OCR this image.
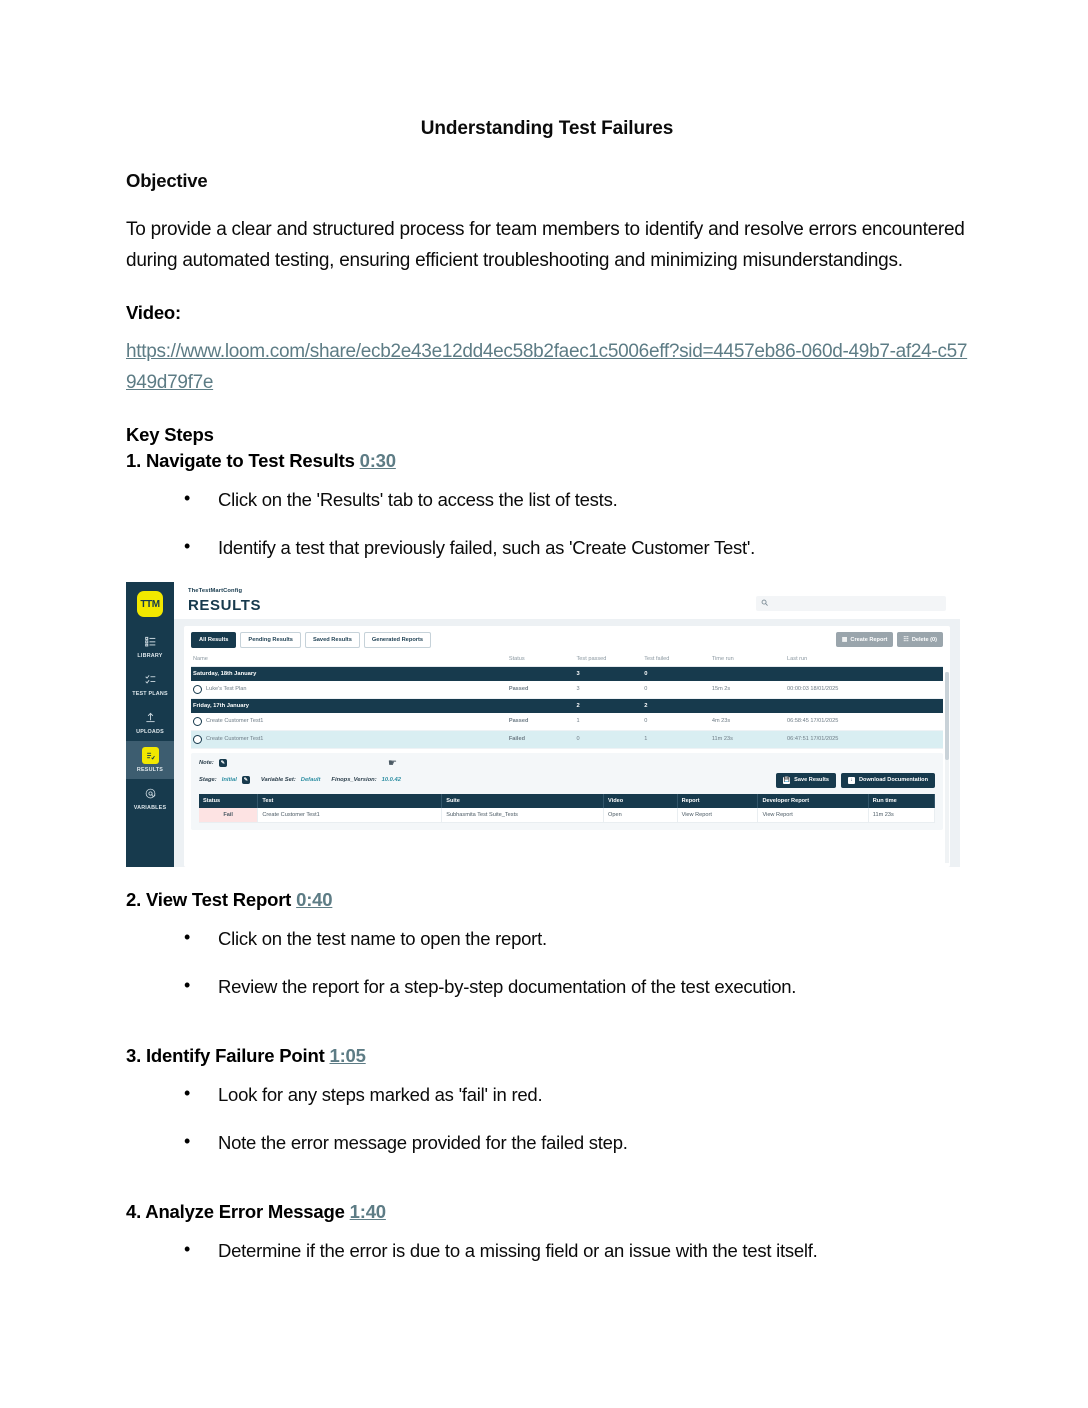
Understanding Test Failures
Objective

To provide a clear and structured process for team members to identify and resolve errors encountered during automated testing, ensuring efficient troubleshooting and minimizing misunderstandings.

Video:
https://www.loom.com/share/ecb2e43e12dd4ec58b2faec1c5006eff?sid=4457eb86-060d-49b7-af24-c57949d79f7e
Key Steps
1. Navigate to Test Results 0:30
• Click on the 'Results' tab to access the list of tests.
• Identify a test that previously failed, such as 'Create Customer Test'.
TTM
LIBRARY
TEST PLANS
UPLOADS
RESULTS
VARIABLES
TheTestMartConfig
RESULTS
All Results	Pending Results	Saved Results	Generated Reports	▦ Create Report	☷ Delete (0)
Name	Status	Test passed	Test failed	Time run	Last run
Saturday, 18th January		3	0		

Luke's Test Plan	Passed	3	0	15m 2s	00:00:03 18/01/2025
Friday, 17th January		2	2		

Create Customer Test1	Passed	1	0	4m 23s	06:58:45 17/01/2025

Create Customer Test1	Failed	0	1	11m 23s	06:47:51 17/01/2025
Note:	✎
Stage: Initial	✎	Variable Set: Default Finops_Version: 10.0.42	💾 Save Results	↓	Download Documentation
Status	Test	Suite	Video	Report	Developer Report	Run time
Fail	Create Customer Test1	Subhasmita Test Suite_Tests	Open	View Report	View Report	11m 23s
☛
2. View Test Report 0:40
• Click on the test name to open the report.
• Review the report for a step-by-step documentation of the test execution.
3. Identify Failure Point 1:05
• Look for any steps marked as 'fail' in red.
• Note the error message provided for the failed step.
4. Analyze Error Message 1:40
• Determine if the error is due to a missing field or an issue with the test itself.
